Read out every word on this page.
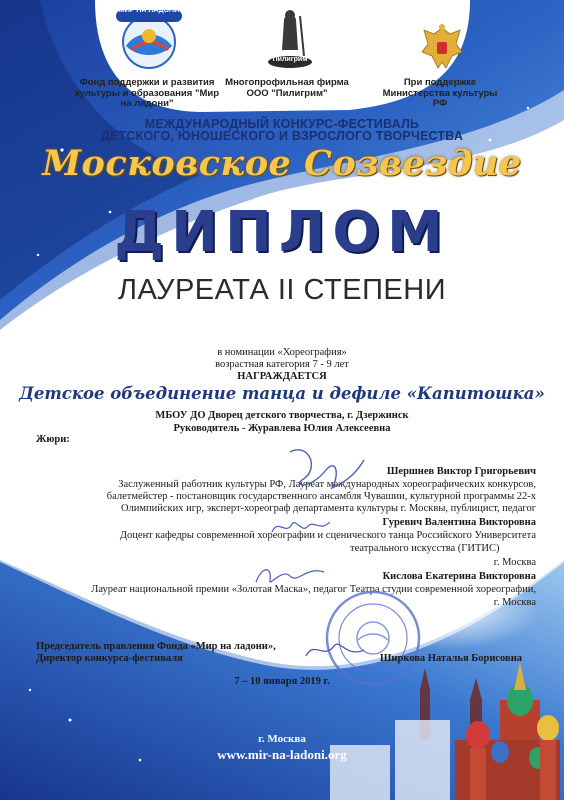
МИР НА ЛАДОНИ
Пилигрим
Фонд поддержки и развития культуры и образования "Мир на ладони"
Многопрофильная фирма ООО "Пилигрим"
При поддержке Министерства культуры РФ
МЕЖДУНАРОДНЫЙ КОНКУРС-ФЕСТИВАЛЬ
ДЕТСКОГО, ЮНОШЕСКОГО И ВЗРОСЛОГО ТВОРЧЕСТВА
Московское Созвездие
ДИПЛОМ
ЛАУРЕАТА II СТЕПЕНИ
в номинации «Хореография»
возрастная категория 7 - 9 лет
НАГРАЖДАЕТСЯ
Детское объединение танца и дефиле «Капитошка»
МБОУ ДО Дворец детского творчества, г. Дзержинск
Руководитель - Журавлева Юлия Алексеевна
Жюри:
Шершнев Виктор Григорьевич
Заслуженный работник культуры РФ, Лауреат международных хореографических конкурсов,
балетмейстер - постановщик государственного ансамбля Чувашии, культурной программы 22-х
Олимпийских игр, эксперт-хореограф департамента культуры г. Москвы, публицист, педагог
Гуревич Валентина Викторовна
Доцент кафедры современной хореографии и сценического танца Российского Университета
театрального искусства (ГИТИС)
г. Москва
Кислова Екатерина Викторовна
Лауреат национальной премии «Золотая Маска», педагог Театра студии современной хореографии,
г. Москва
Председатель правления Фонда «Мир на ладони»,
Директор конкурса-фестиваля	Ширкова Наталья Борисовна
7 – 10 января 2019 г.
г. Москва
www.mir-na-ladoni.org
